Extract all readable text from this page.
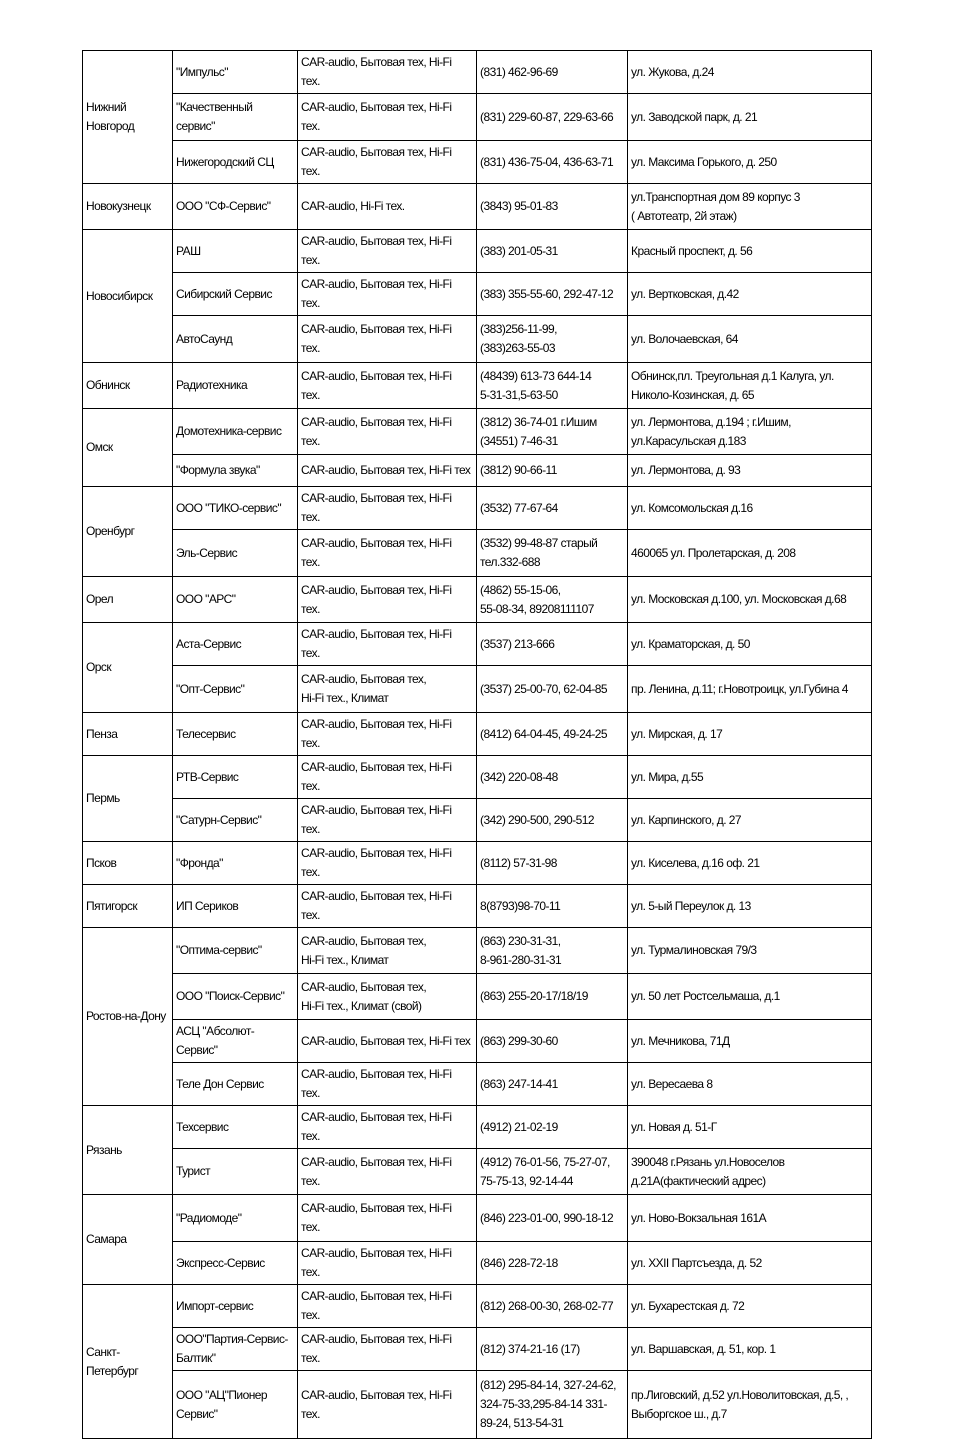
Нижний
Новгород	"Импульс"	CAR-audio, Бытовая тех, Hi-Fi тех.	(831) 462-96-69	ул. Жукова, д.24
	"Качественный
сервис"	CAR-audio, Бытовая тех, Hi-Fi тех.	(831) 229-60-87, 229-63-66	ул. Заводской парк, д. 21
	Нижегородский СЦ	CAR-audio, Бытовая тех, Hi-Fi тех.	(831) 436-75-04, 436-63-71	ул. Максима Горького, д. 250
Новокузнецк	ООО "СФ-Сервис"	CAR-audio, Hi-Fi тех.	(3843) 95-01-83	ул.Транспортная дом 89 корпус 3
( Автотеатр, 2й этаж)
Новосибирск	РАШ	CAR-audio, Бытовая тех, Hi-Fi тех.	(383) 201-05-31	Красный проспект, д. 56
	Сибирский Сервис	CAR-audio, Бытовая тех, Hi-Fi тех.	(383) 355-55-60, 292-47-12	ул. Вертковская, д.42
	АвтоСаунд	CAR-audio, Бытовая тех, Hi-Fi тех.	(383)256-11-99,
(383)263-55-03	ул. Волочаевская, 64
Обнинск	Радиотехника	CAR-audio, Бытовая тех, Hi-Fi тех.	(48439) 613-73 644-14
5-31-31,5-63-50	Обнинск,пл. Треугольная д.1 Калуга, ул.
Николо-Козинская, д. 65
Омск	Домотехника-сервис	CAR-audio, Бытовая тех, Hi-Fi тех.	(3812) 36-74-01 г.Ишим
(34551) 7-46-31	ул. Лермонтова, д.194 ; г.Ишим,
ул.Карасульская д.183
	"Формула звука"	CAR-audio, Бытовая тех, Hi-Fi тех	(3812) 90-66-11	ул. Лермонтова, д. 93
Оренбург	ООО "ТИКО-сервис"	CAR-audio, Бытовая тех, Hi-Fi тех.	(3532) 77-67-64	ул. Комсомольская д.16
	Эль-Сервис	CAR-audio, Бытовая тех, Hi-Fi тех.	(3532) 99-48-87 старый
тел.332-688	460065 ул. Пролетарская, д. 208
Орел	ООО "АРС"	CAR-audio, Бытовая тех, Hi-Fi тех.	(4862) 55-15-06,
55-08-34, 89208111107	ул. Московская д.100, ул. Московская д.68
Орск	Аста-Сервис	CAR-audio, Бытовая тех, Hi-Fi тех.	(3537) 213-666	ул. Краматорская, д. 50
	"Опт-Сервис"	CAR-audio, Бытовая тех,
Hi-Fi тех., Климат	(3537) 25-00-70, 62-04-85	пр. Ленина, д.11; г.Новотроицк, ул.Губина 4
Пенза	Телесервис	CAR-audio, Бытовая тех, Hi-Fi тех.	(8412) 64-04-45, 49-24-25	ул. Мирская, д. 17
Пермь	РТВ-Сервис	CAR-audio, Бытовая тех, Hi-Fi тех.	(342) 220-08-48	ул. Мира, д.55
	"Сатурн-Сервис"	CAR-audio, Бытовая тех, Hi-Fi тех.	(342) 290-500, 290-512	ул. Карпинского, д. 27
Псков	"Фронда"	CAR-audio, Бытовая тех, Hi-Fi тех.	(8112) 57-31-98	ул. Киселева, д.16 оф. 21
Пятигорск	ИП Сериков	CAR-audio, Бытовая тех, Hi-Fi тех.	8(8793)98-70-11	ул. 5-ый Переулок д. 13
Ростов-на-Дону	"Оптима-сервис"	CAR-audio, Бытовая тех,
Hi-Fi тех., Климат	(863) 230-31-31,
8-961-280-31-31	ул. Турмалиновская 79/3
	ООО "Поиск-Сервис"	CAR-audio, Бытовая тех,
Hi-Fi тех., Климат (свой)	(863) 255-20-17/18/19	ул. 50 лет Ростсельмаша, д.1
	АСЦ "Абсолют-Сервис"	CAR-audio, Бытовая тех, Hi-Fi тех	(863) 299-30-60	ул. Мечникова, 71Д
	Теле Дон Сервис	CAR-audio, Бытовая тех, Hi-Fi тех.	(863) 247-14-41	ул. Вересаева 8
Рязань	Техсервис	CAR-audio, Бытовая тех, Hi-Fi тех.	(4912) 21-02-19	ул. Новая д. 51-Г
	Турист	CAR-audio, Бытовая тех, Hi-Fi тех.	(4912) 76-01-56, 75-27-07,
75-75-13, 92-14-44	390048 г.Рязань ул.Новоселов
д.21А(фактический адрес)
Самара	"Радиомоде"	CAR-audio, Бытовая тех, Hi-Fi тех.	(846) 223-01-00, 990-18-12	ул. Ново-Вокзальная 161А
	Экспресс-Сервис	CAR-audio, Бытовая тех, Hi-Fi тех.	(846) 228-72-18	ул. XXII Партсъезда, д. 52
Санкт-
Петербург	Импорт-сервис	CAR-audio, Бытовая тех, Hi-Fi тех.	(812) 268-00-30, 268-02-77	ул. Бухарестская д. 72
	ООО"Партия-Сервис-
Балтик"	CAR-audio, Бытовая тех, Hi-Fi тех.	(812) 374-21-16 (17)	ул. Варшавская, д. 51, кор. 1
	ООО "АЦ"Пионер
Сервис"	CAR-audio, Бытовая тех, Hi-Fi тех.	(812) 295-84-14, 327-24-62,
324-75-33,295-84-14 331-
89-24, 513-54-31	пр.Лиговский, д.52 ул.Новолитовская, д.5, ,
Выборгское ш., д.7
